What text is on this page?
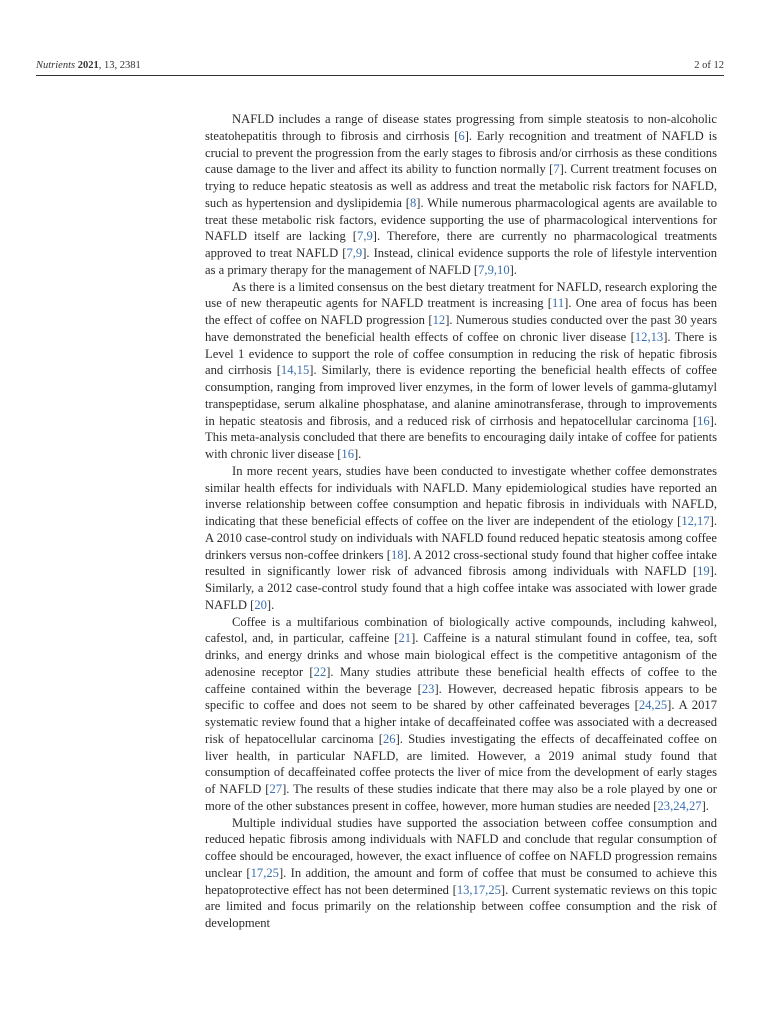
Nutrients 2021, 13, 2381	2 of 12

NAFLD includes a range of disease states progressing from simple steatosis to non-alcoholic steatohepatitis through to fibrosis and cirrhosis [6]. Early recognition and treatment of NAFLD is crucial to prevent the progression from the early stages to fibrosis and/or cirrhosis as these conditions cause damage to the liver and affect its ability to function normally [7]. Current treatment focuses on trying to reduce hepatic steatosis as well as address and treat the metabolic risk factors for NAFLD, such as hypertension and dyslipidemia [8]. While numerous pharmacological agents are available to treat these metabolic risk factors, evidence supporting the use of pharmacological interventions for NAFLD itself are lacking [7,9]. Therefore, there are currently no pharmacological treatments approved to treat NAFLD [7,9]. Instead, clinical evidence supports the role of lifestyle intervention as a primary therapy for the management of NAFLD [7,9,10].

As there is a limited consensus on the best dietary treatment for NAFLD, research exploring the use of new therapeutic agents for NAFLD treatment is increasing [11]. One area of focus has been the effect of coffee on NAFLD progression [12]. Numerous studies conducted over the past 30 years have demonstrated the beneficial health effects of coffee on chronic liver disease [12,13]. There is Level 1 evidence to support the role of coffee consumption in reducing the risk of hepatic fibrosis and cirrhosis [14,15]. Similarly, there is evidence reporting the beneficial health effects of coffee consumption, ranging from improved liver enzymes, in the form of lower levels of gamma-glutamyl transpeptidase, serum alkaline phosphatase, and alanine aminotransferase, through to improvements in hepatic steatosis and fibrosis, and a reduced risk of cirrhosis and hepatocellular carcinoma [16]. This meta-analysis concluded that there are benefits to encouraging daily intake of coffee for patients with chronic liver disease [16].

In more recent years, studies have been conducted to investigate whether coffee demonstrates similar health effects for individuals with NAFLD. Many epidemiological studies have reported an inverse relationship between coffee consumption and hepatic fibrosis in individuals with NAFLD, indicating that these beneficial effects of coffee on the liver are independent of the etiology [12,17]. A 2010 case-control study on individuals with NAFLD found reduced hepatic steatosis among coffee drinkers versus non-coffee drinkers [18]. A 2012 cross-sectional study found that higher coffee intake resulted in significantly lower risk of advanced fibrosis among individuals with NAFLD [19]. Similarly, a 2012 case-control study found that a high coffee intake was associated with lower grade NAFLD [20].

Coffee is a multifarious combination of biologically active compounds, including kahweol, cafestol, and, in particular, caffeine [21]. Caffeine is a natural stimulant found in coffee, tea, soft drinks, and energy drinks and whose main biological effect is the competitive antagonism of the adenosine receptor [22]. Many studies attribute these beneficial health effects of coffee to the caffeine contained within the beverage [23]. However, decreased hepatic fibrosis appears to be specific to coffee and does not seem to be shared by other caffeinated beverages [24,25]. A 2017 systematic review found that a higher intake of decaffeinated coffee was associated with a decreased risk of hepatocellular carcinoma [26]. Studies investigating the effects of decaffeinated coffee on liver health, in particular NAFLD, are limited. However, a 2019 animal study found that consumption of decaffeinated coffee protects the liver of mice from the development of early stages of NAFLD [27]. The results of these studies indicate that there may also be a role played by one or more of the other substances present in coffee, however, more human studies are needed [23,24,27].

Multiple individual studies have supported the association between coffee consumption and reduced hepatic fibrosis among individuals with NAFLD and conclude that regular consumption of coffee should be encouraged, however, the exact influence of coffee on NAFLD progression remains unclear [17,25]. In addition, the amount and form of coffee that must be consumed to achieve this hepatoprotective effect has not been determined [13,17,25]. Current systematic reviews on this topic are limited and focus primarily on the relationship between coffee consumption and the risk of development
